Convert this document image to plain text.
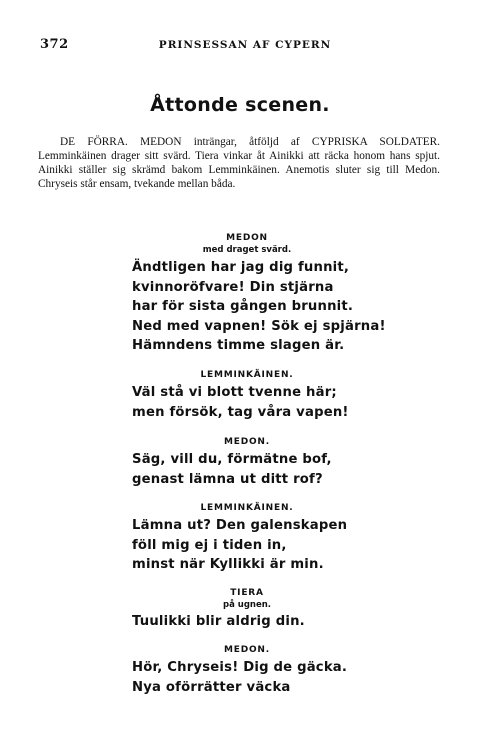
372	PRINSESSAN AF CYPERN
Åttonde scenen.
DE FÖRRA. MEDON inträngar, åtföljd af CYPRISKA SOLDATER. Lemminkäinen drager sitt svärd. Tiera vinkar åt Ainikki att räcka honom hans spjut. Ainikki ställer sig skrämd bakom Lemminkäinen. Anemotis sluter sig till Medon. Chryseis står ensam, tvekande mellan båda.
MEDON
med draget svärd.
Ändtligen har jag dig funnit,
kvinnoröfvare! Din stjärna
har för sista gången brunnit.
Ned med vapnen! Sök ej spjärna!
Hämndens timme slagen är.
LEMMINKÄINEN.
Väl stå vi blott tvenne här;
men försök, tag våra vapen!
MEDON.
Säg, vill du, förmätne bof,
genast lämna ut ditt rof?
LEMMINKÄINEN.
Lämna ut? Den galenskapen
föll mig ej i tiden in,
minst när Kyllikki är min.
TIERA
på ugnen.
Tuulikki blir aldrig din.
MEDON.
Hör, Chryseis! Dig de gäcka.
Nya oförrätter väcka
